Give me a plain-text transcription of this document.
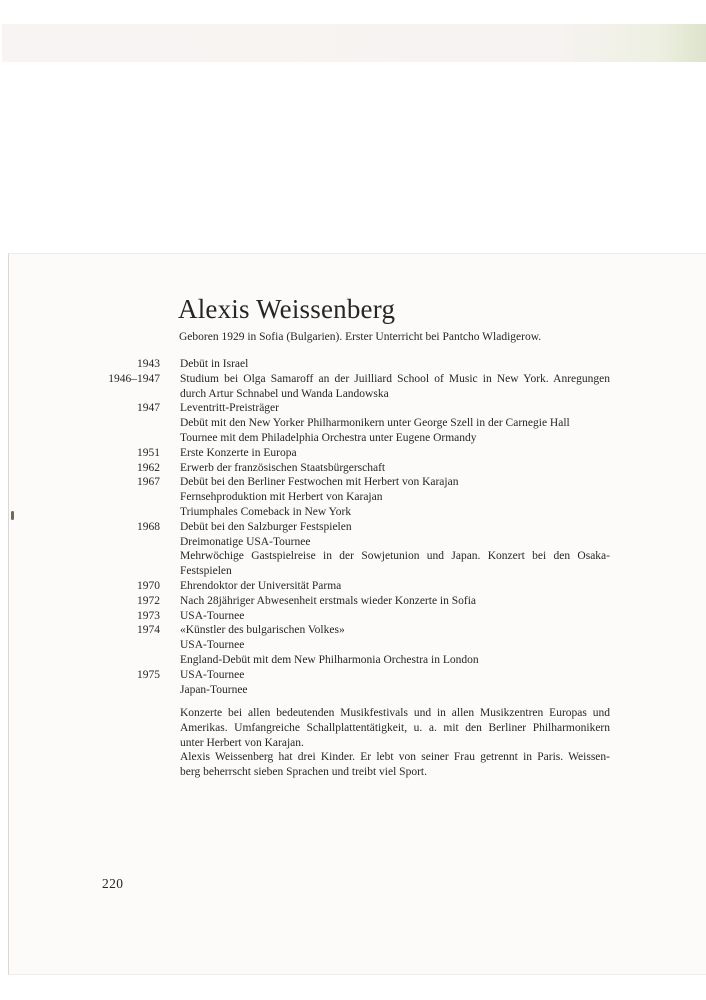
Alexis Weissenberg
Geboren 1929 in Sofia (Bulgarien). Erster Unterricht bei Pantcho Wladigerow.
1943 Debüt in Israel
1946–1947 Studium bei Olga Samaroff an der Juilliard School of Music in New York. Anregungen
durch Artur Schnabel und Wanda Landowska
1947 Leventritt-Preisträger
Debüt mit den New Yorker Philharmonikern unter George Szell in der Carnegie Hall
Tournee mit dem Philadelphia Orchestra unter Eugene Ormandy
1951 Erste Konzerte in Europa
1962 Erwerb der französischen Staatsbürgerschaft
1967 Debüt bei den Berliner Festwochen mit Herbert von Karajan
Fernsehproduktion mit Herbert von Karajan
Triumphales Comeback in New York
1968 Debüt bei den Salzburger Festspielen
Dreimonatige USA-Tournee
Mehrwöchige Gastspielreise in der Sowjetunion und Japan. Konzert bei den Osaka-
Festspielen
1970 Ehrendoktor der Universität Parma
1972 Nach 28jähriger Abwesenheit erstmals wieder Konzerte in Sofia
1973 USA-Tournee
1974 «Künstler des bulgarischen Volkes»
USA-Tournee
England-Debüt mit dem New Philharmonia Orchestra in London
1975 USA-Tournee
Japan-Tournee
Konzerte bei allen bedeutenden Musikfestivals und in allen Musikzentren Europas und
Amerikas. Umfangreiche Schallplattentätigkeit, u. a. mit den Berliner Philharmonikern
unter Herbert von Karajan.
Alexis Weissenberg hat drei Kinder. Er lebt von seiner Frau getrennt in Paris. Weissen-
berg beherrscht sieben Sprachen und treibt viel Sport.
220
